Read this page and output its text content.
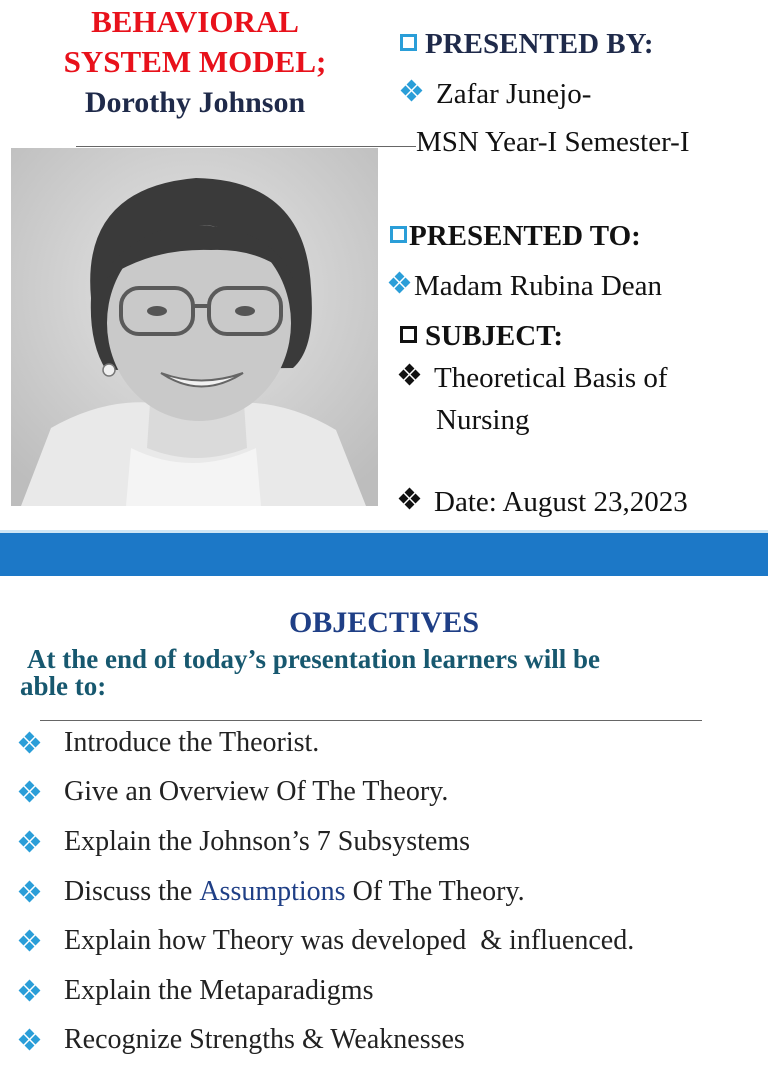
BEHAVIORAL
SYSTEM MODEL;
Dorothy Johnson
PRESENTED BY:
Zafar Junejo-
MSN Year-I Semester-I
PRESENTED TO:
Madam Rubina Dean
SUBJECT:
Theoretical Basis of
Nursing
Date: August 23,2023
OBJECTIVES
At the end of today’s presentation learners will be
able to:
Introduce the Theorist.
Give an Overview Of The Theory.
Explain the Johnson’s 7 Subsystems
Discuss the Assumptions Of The Theory.
Explain how Theory was developed  & influenced.
Explain the Metaparadigms
Recognize Strengths & Weaknesses
